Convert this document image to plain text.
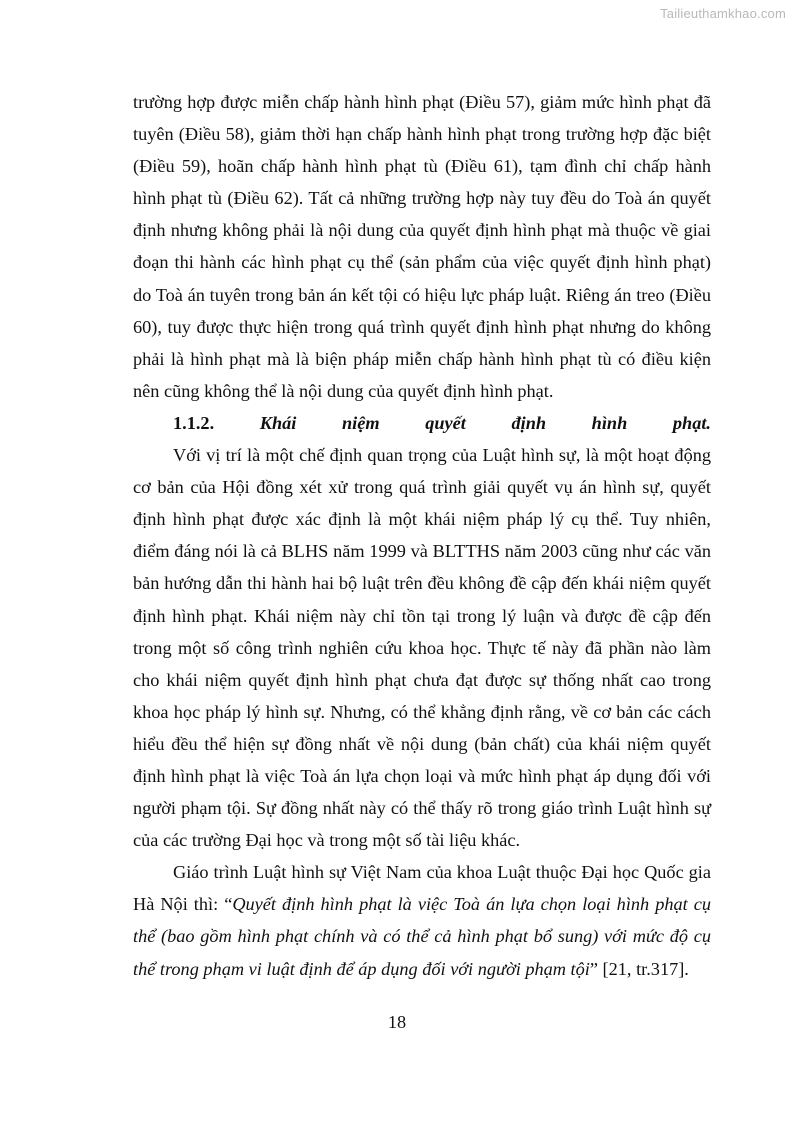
Tailieuthamkhao.com

trường hợp được miễn chấp hành hình phạt (Điều 57), giảm mức hình phạt đã tuyên (Điều 58), giảm thời hạn chấp hành hình phạt trong trường hợp đặc biệt (Điều 59), hoãn chấp hành hình phạt tù (Điều 61), tạm đình chỉ chấp hành hình phạt tù (Điều 62). Tất cả những trường hợp này tuy đều do Toà án quyết định nhưng không phải là nội dung của quyết định hình phạt mà thuộc về giai đoạn thi hành các hình phạt cụ thể (sản phẩm của việc quyết định hình phạt) do Toà án tuyên trong bản án kết tội có hiệu lực pháp luật. Riêng án treo (Điều 60), tuy được thực hiện trong quá trình quyết định hình phạt nhưng do không phải là hình phạt mà là biện pháp miễn chấp hành hình phạt tù có điều kiện nên cũng không thể là nội dung của quyết định hình phạt.

1.1.2. Khái niệm quyết định hình phạt.

Với vị trí là một chế định quan trọng của Luật hình sự, là một hoạt động cơ bản của Hội đồng xét xử trong quá trình giải quyết vụ án hình sự, quyết định hình phạt được xác định là một khái niệm pháp lý cụ thể. Tuy nhiên, điểm đáng nói là cả BLHS năm 1999 và BLTTHS năm 2003 cũng như các văn bản hướng dẫn thi hành hai bộ luật trên đều không đề cập đến khái niệm quyết định hình phạt. Khái niệm này chỉ tồn tại trong lý luận và được đề cập đến trong một số công trình nghiên cứu khoa học. Thực tế này đã phần nào làm cho khái niệm quyết định hình phạt chưa đạt được sự thống nhất cao trong khoa học pháp lý hình sự. Nhưng, có thể khẳng định rằng, về cơ bản các cách hiểu đều thể hiện sự đồng nhất về nội dung (bản chất) của khái niệm quyết định hình phạt là việc Toà án lựa chọn loại và mức hình phạt áp dụng đối với người phạm tội. Sự đồng nhất này có thể thấy rõ trong giáo trình Luật hình sự của các trường Đại học và trong một số tài liệu khác.

Giáo trình Luật hình sự Việt Nam của khoa Luật thuộc Đại học Quốc gia Hà Nội thì: “Quyết định hình phạt là việc Toà án lựa chọn loại hình phạt cụ thể (bao gồm hình phạt chính và có thể cả hình phạt bổ sung) với mức độ cụ thể trong phạm vi luật định để áp dụng đối với người phạm tội” [21, tr.317].

18
